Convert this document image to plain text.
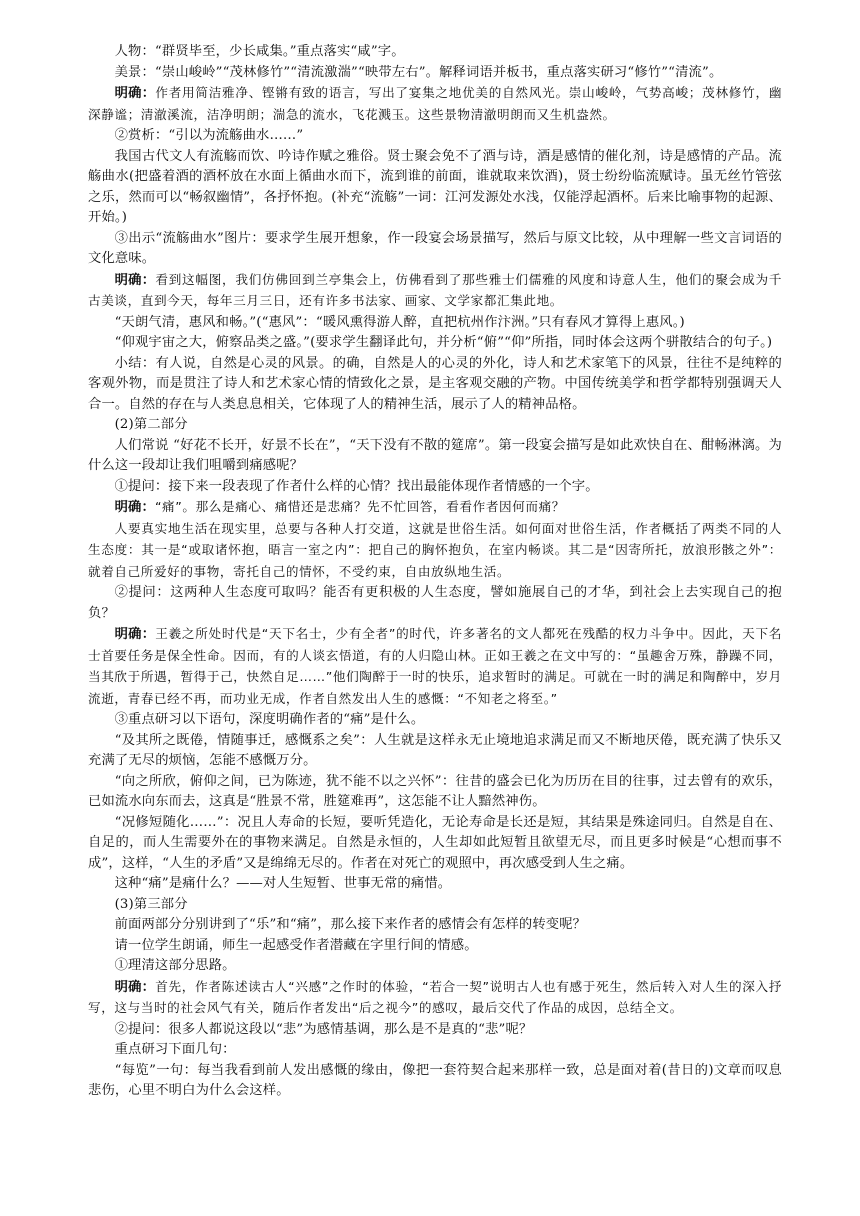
人物：“群贤毕至，少长咸集。”重点落实“咸”字。

美景：“崇山峻岭”“茂林修竹”“清流激湍”“映带左右”。解释词语并板书，重点落实研习“修竹”“清流”。

明确：作者用简洁雅净、铿锵有致的语言，写出了宴集之地优美的自然风光。崇山峻岭，气势高峻；茂林修竹，幽深静谧；清澈溪流，洁净明朗；湍急的流水，飞花溅玉。这些景物清澈明朗而又生机盎然。

②赏析：“引以为流觞曲水……”

我国古代文人有流觞而饮、吟诗作赋之雅俗。贤士聚会免不了酒与诗，酒是感情的催化剂，诗是感情的产品。流觞曲水(把盛着酒的酒杯放在水面上循曲水而下，流到谁的前面，谁就取来饮酒)，贤士纷纷临流赋诗。虽无丝竹管弦之乐，然而可以“畅叙幽情”，各抒怀抱。(补充“流觞”一词：江河发源处水浅，仅能浮起酒杯。后来比喻事物的起源、开始。)

③出示“流觞曲水”图片：要求学生展开想象，作一段宴会场景描写，然后与原文比较，从中理解一些文言词语的文化意味。

明确：看到这幅图，我们仿佛回到兰亭集会上，仿佛看到了那些雅士们儒雅的风度和诗意人生，他们的聚会成为千古美谈，直到今天，每年三月三日，还有许多书法家、画家、文学家都汇集此地。

“天朗气清，惠风和畅。”(“惠风”：“暖风熏得游人醉，直把杭州作汴洲。”只有春风才算得上惠风。)

“仰观宇宙之大，俯察品类之盛。”(要求学生翻译此句，并分析“俯”“仰”所指，同时体会这两个骈散结合的句子。)

小结：有人说，自然是心灵的风景。的确，自然是人的心灵的外化，诗人和艺术家笔下的风景，往往不是纯粹的客观外物，而是贯注了诗人和艺术家心情的情致化之景，是主客观交融的产物。中国传统美学和哲学都特别强调天人合一。自然的存在与人类息息相关，它体现了人的精神生活，展示了人的精神品格。

(2)第二部分

人们常说 “好花不长开，好景不长在”，“天下没有不散的筵席”。第一段宴会描写是如此欢快自在、酣畅淋漓。为什么这一段却让我们咀嚼到痛感呢？

①提问：接下来一段表现了作者什么样的心情？找出最能体现作者情感的一个字。

明确：“痛”。那么是痛心、痛惜还是悲痛？先不忙回答，看看作者因何而痛？

人要真实地生活在现实里，总要与各种人打交道，这就是世俗生活。如何面对世俗生活，作者概括了两类不同的人生态度：其一是“或取诸怀抱，晤言一室之内”：把自己的胸怀抱负，在室内畅谈。其二是“因寄所托，放浪形骸之外”：就着自己所爱好的事物，寄托自己的情怀，不受约束，自由放纵地生活。

②提问：这两种人生态度可取吗？能否有更积极的人生态度，譬如施展自己的才华，到社会上去实现自己的抱负？

明确：王羲之所处时代是“天下名士，少有全者”的时代，许多著名的文人都死在残酷的权力斗争中。因此，天下名士首要任务是保全性命。因而，有的人谈玄悟道，有的人归隐山林。正如王羲之在文中写的：“虽趣舍万殊，静躁不同，当其欣于所遇，暂得于己，快然自足……”他们陶醉于一时的快乐，追求暂时的满足。可就在一时的满足和陶醉中，岁月流逝，青春已经不再，而功业无成，作者自然发出人生的感慨：“不知老之将至。”

③重点研习以下语句，深度明确作者的“痛”是什么。

“及其所之既倦，情随事迁，感慨系之矣”：人生就是这样永无止境地追求满足而又不断地厌倦，既充满了快乐又充满了无尽的烦恼，怎能不感慨万分。

“向之所欣，俯仰之间，已为陈迹，犹不能不以之兴怀”：往昔的盛会已化为历历在目的往事，过去曾有的欢乐，已如流水向东而去，这真是“胜景不常，胜筵难再”，这怎能不让人黯然神伤。

“况修短随化……”：况且人寿命的长短，要听凭造化，无论寿命是长还是短，其结果是殊途同归。自然是自在、自足的，而人生需要外在的事物来满足。自然是永恒的，人生却如此短暂且欲望无尽，而且更多时候是“心想而事不成”，这样，“人生的矛盾”又是绵绵无尽的。作者在对死亡的观照中，再次感受到人生之痛。

这种“痛”是痛什么？——对人生短暂、世事无常的痛惜。

(3)第三部分

前面两部分分别讲到了“乐”和“痛”，那么接下来作者的感情会有怎样的转变呢？

请一位学生朗诵，师生一起感受作者潜藏在字里行间的情感。

①理清这部分思路。

明确：首先，作者陈述读古人“兴感”之作时的体验，“若合一契”说明古人也有感于死生，然后转入对人生的深入抒写，这与当时的社会风气有关，随后作者发出“后之视今”的感叹，最后交代了作品的成因，总结全文。

②提问：很多人都说这段以“悲”为感情基调，那么是不是真的“悲”呢？

重点研习下面几句：

“每览”一句：每当我看到前人发出感慨的缘由，像把一套符契合起来那样一致，总是面对着(昔日的)文章而叹息悲伤，心里不明白为什么会这样。
